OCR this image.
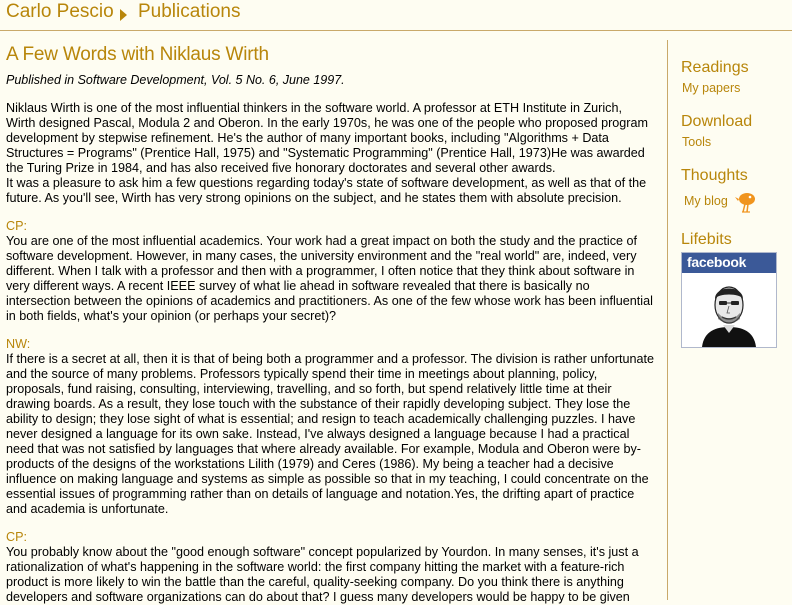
Carlo Pescio Publications
A Few Words with Niklaus Wirth

Published in Software Development, Vol. 5 No. 6, June 1997.

Niklaus Wirth is one of the most influential thinkers in the software world. A professor at ETH Institute in Zurich, Wirth designed Pascal, Modula 2 and Oberon. In the early 1970s, he was one of the people who proposed program development by stepwise refinement. He's the author of many important books, including "Algorithms + Data Structures = Programs" (Prentice Hall, 1975) and "Systematic Programming" (Prentice Hall, 1973)He was awarded the Turing Prize in 1984, and has also received five honorary doctorates and several other awards.

It was a pleasure to ask him a few questions regarding today's state of software development, as well as that of the future. As you'll see, Wirth has very strong opinions on the subject, and he states them with absolute precision.

CP:

You are one of the most influential academics. Your work had a great impact on both the study and the practice of software development. However, in many cases, the university environment and the "real world" are, indeed, very different. When I talk with a professor and then with a programmer, I often notice that they think about software in very different ways. A recent IEEE survey of what lie ahead in software revealed that there is basically no intersection between the opinions of academics and practitioners. As one of the few whose work has been influential in both fields, what's your opinion (or perhaps your secret)?

NW:

If there is a secret at all, then it is that of being both a programmer and a professor. The division is rather unfortunate and the source of many problems. Professors typically spend their time in meetings about planning, policy, proposals, fund raising, consulting, interviewing, travelling, and so forth, but spend relatively little time at their drawing boards. As a result, they lose touch with the substance of their rapidly developing subject. They lose the ability to design; they lose sight of what is essential; and resign to teach academically challenging puzzles. I have never designed a language for its own sake. Instead, I've always designed a language because I had a practical need that was not satisfied by languages that where already available. For example, Modula and Oberon were by-products of the designs of the workstations Lilith (1979) and Ceres (1986). My being a teacher had a decisive influence on making language and systems as simple as possible so that in my teaching, I could concentrate on the essential issues of programming rather than on details of language and notation.Yes, the drifting apart of practice and academia is unfortunate.

CP:

You probably know about the "good enough software" concept popularized by Yourdon. In many senses, it's just a rationalization of what's happening in the software world: the first company hitting the market with a feature-rich product is more likely to win the battle than the careful, quality-seeking company. Do you think there is anything developers and software organizations can do about that? I guess many developers would be happy to be given

Readings
My papers
Download
Tools
Thoughts
My blog
Lifebits
facebook
